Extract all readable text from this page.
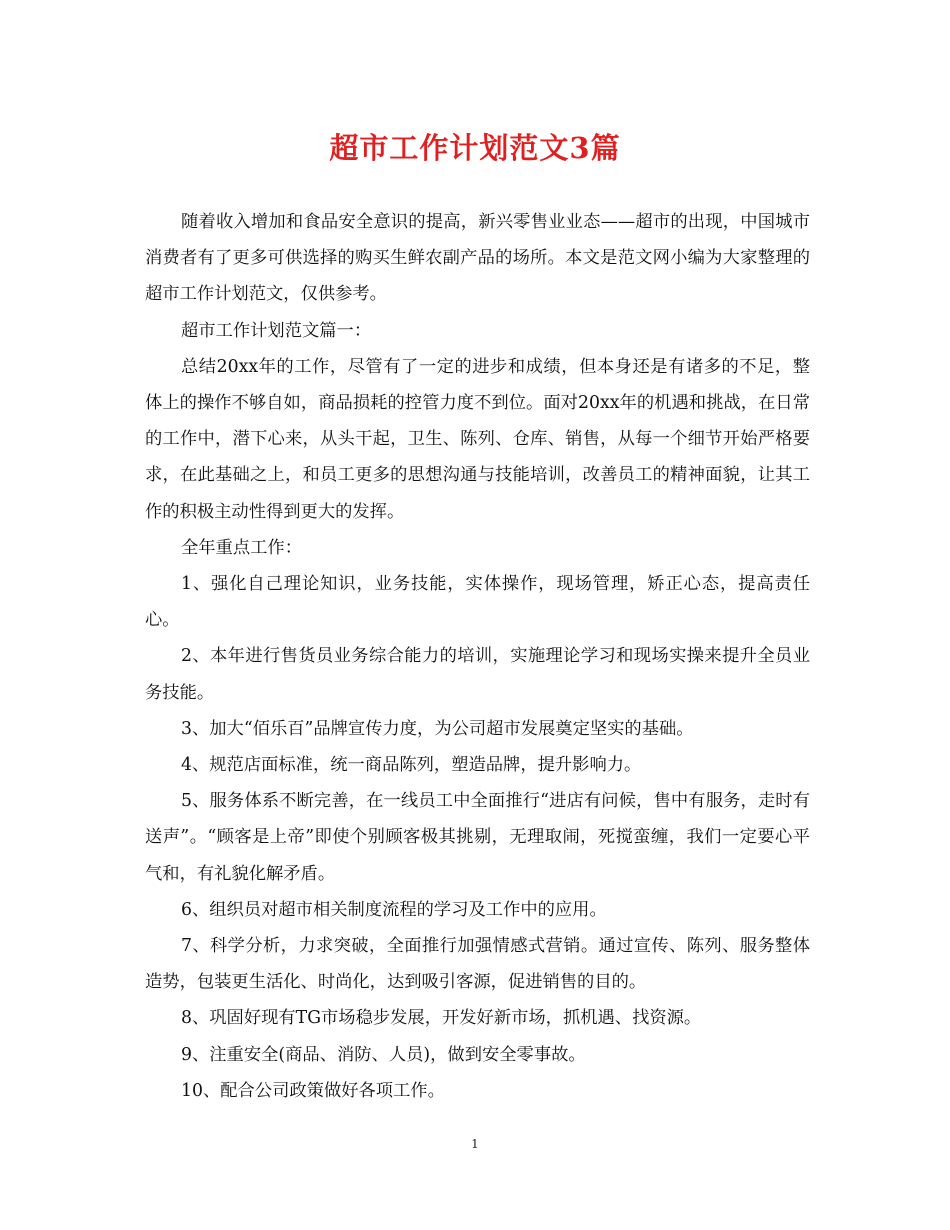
超市工作计划范文3篇

随着收入增加和食品安全意识的提高，新兴零售业业态——超市的出现，中国城市消费者有了更多可供选择的购买生鲜农副产品的场所。本文是范文网小编为大家整理的超市工作计划范文，仅供参考。

超市工作计划范文篇一：

总结20xx年的工作，尽管有了一定的进步和成绩，但本身还是有诸多的不足，整体上的操作不够自如，商品损耗的控管力度不到位。面对20xx年的机遇和挑战，在日常的工作中，潜下心来，从头干起，卫生、陈列、仓库、销售，从每一个细节开始严格要求，在此基础之上，和员工更多的思想沟通与技能培训，改善员工的精神面貌，让其工作的积极主动性得到更大的发挥。

全年重点工作：

1、强化自己理论知识，业务技能，实体操作，现场管理，矫正心态，提高责任心。

2、本年进行售货员业务综合能力的培训，实施理论学习和现场实操来提升全员业务技能。

3、加大“佰乐百”品牌宣传力度，为公司超市发展奠定坚实的基础。

4、规范店面标准，统一商品陈列，塑造品牌，提升影响力。

5、服务体系不断完善，在一线员工中全面推行“进店有问候，售中有服务，走时有送声”。“顾客是上帝”即使个别顾客极其挑剔，无理取闹，死搅蛮缠，我们一定要心平气和，有礼貌化解矛盾。

6、组织员对超市相关制度流程的学习及工作中的应用。

7、科学分析，力求突破，全面推行加强情感式营销。通过宣传、陈列、服务整体造势，包装更生活化、时尚化，达到吸引客源，促进销售的目的。

8、巩固好现有TG市场稳步发展，开发好新市场，抓机遇、找资源。

9、注重安全(商品、消防、人员)，做到安全零事故。

10、配合公司政策做好各项工作。

1
